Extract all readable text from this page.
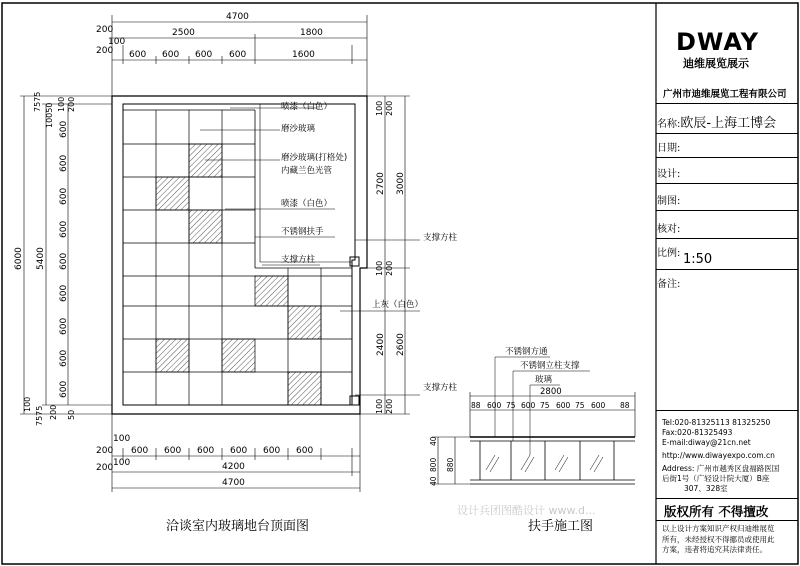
喷漆（白色）
磨沙玻璃
磨沙玻璃(打格处)
内藏兰色光管
喷漆（白色）
不锈钢扶手
支撑方柱
支撑方柱
上灰（白色）
支撑方柱
4700
2500	1800
200
100
200 600 600 600 600	1600
6000 5400
100 200
7575
10050
600
600
600
600
600
600
600
600
600
100
200 50
7575
100 200
2700 3000
100 200
2400 2600
100 200
100
200 600 600 600 600 600 600
100
200	4200
4700
洽谈室内玻璃地台顶面图
不锈钢方通
不锈钢立柱支撑
玻璃
2800
88 600 75 600 75 600 75 600 88
40
800 880
40
扶手施工图
设计兵团图酷设计 www.d...
DWAY
迪维展览展示
广州市迪维展览工程有限公司
名称:欧辰-上海工博会
日期:
设计:
制图:
核对:
比例: 1:50
备注:
Tel:020-81325113 81325250
Fax:020-81325493
E-mail:diway@21cn.net
http://www.diwayexpo.com.cn
Address: 广州市越秀区盘福路医国
后街1号（广轻设计院大厦）B座
307、328室
版权所有 不得擅改
以上设计方案知识产权归迪维展览
所有，未经授权不得挪员或使用此
方案，违者将追究其法律责任。
